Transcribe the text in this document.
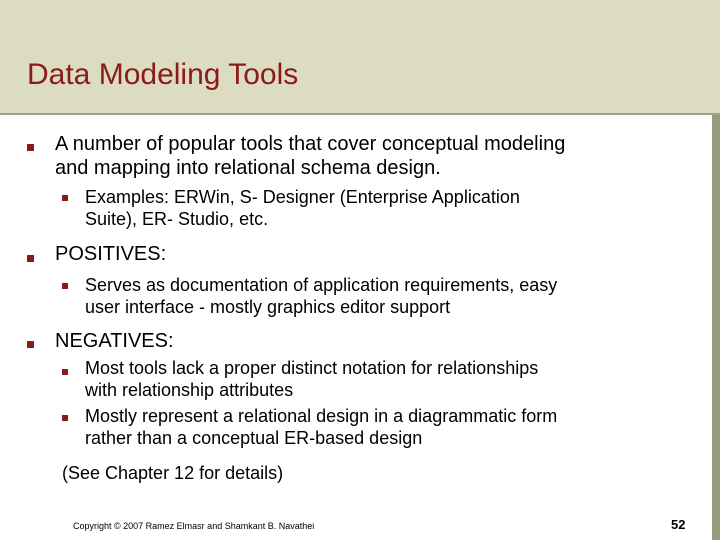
Data Modeling Tools
A number of popular tools that cover conceptual modeling
and mapping into relational schema design.
Examples: ERWin, S- Designer (Enterprise Application
Suite), ER- Studio, etc.
POSITIVES:
Serves as documentation of application requirements, easy
user interface - mostly graphics editor support
NEGATIVES:
Most tools lack a proper distinct notation for relationships
with relationship attributes
Mostly represent a relational design in a diagrammatic form
rather than a conceptual ER-based design
(See Chapter 12 for details)
Copyright © 2007 Ramez Elmasr and Shamkant B. Navathei	52
